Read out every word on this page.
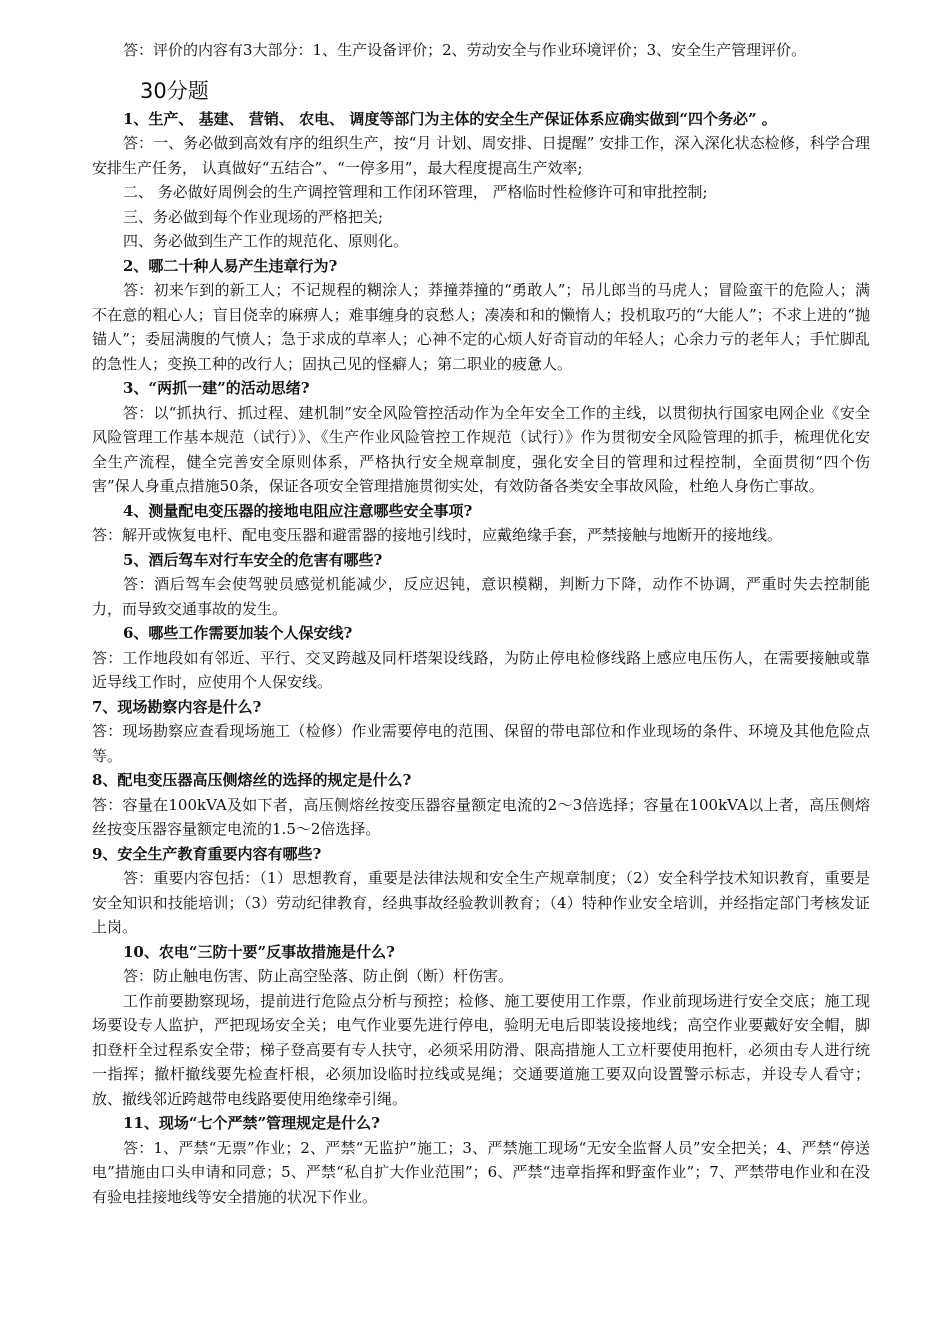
答：评价的内容有3大部分：1、生产设备评价；2、劳动安全与作业环境评价；3、安全生产管理评价。

30分题

1、生产、 基建、 营销、 农电、 调度等部门为主体的安全生产保证体系应确实做到“四个务必” 。

答：一、务必做到高效有序的组织生产，按“月 计划、周安排、日提醒” 安排工作，深入深化状态检修，科学合理安排生产任务， 认真做好“五结合”、“一停多用”，最大程度提高生产效率;

二、 务必做好周例会的生产调控管理和工作闭环管理， 严格临时性检修许可和审批控制;

三、务必做到每个作业现场的严格把关;

四、务必做到生产工作的规范化、原则化。

2、哪二十种人易产生违章行为?

答：初来乍到的新工人；不记规程的糊涂人；莽撞莽撞的“勇敢人”；吊儿郎当的马虎人；冒险蛮干的危险人；满不在意的粗心人；盲目侥幸的麻痹人；难事缠身的哀愁人；凑凑和和的懒惰人；投机取巧的“大能人”；不求上进的“抛锚人”；委屈满腹的气愤人；急于求成的草率人；心神不定的心烦人好奇盲动的年轻人；心余力亏的老年人；手忙脚乱的急性人；变换工种的改行人；固执己见的怪癖人；第二职业的疲惫人。

3、“两抓一建”的活动思绪?

答：以“抓执行、抓过程、建机制”安全风险管控活动作为全年安全工作的主线，以贯彻执行国家电网企业《安全风险管理工作基本规范（试行）》、《生产作业风险管控工作规范（试行）》作为贯彻安全风险管理的抓手，梳理优化安全生产流程，健全完善安全原则体系，严格执行安全规章制度，强化安全目的管理和过程控制，全面贯彻“四个伤害”保人身重点措施50条，保证各项安全管理措施贯彻实处，有效防备各类安全事故风险，杜绝人身伤亡事故。

4、测量配电变压器的接地电阻应注意哪些安全事项?

答：解开或恢复电杆、配电变压器和避雷器的接地引线时，应戴绝缘手套，严禁接触与地断开的接地线。

5、酒后驾车对行车安全的危害有哪些?

答：酒后驾车会使驾驶员感觉机能减少，反应迟钝，意识模糊，判断力下降，动作不协调，严重时失去控制能力，而导致交通事故的发生。

6、哪些工作需要加装个人保安线?

答：工作地段如有邻近、平行、交叉跨越及同杆塔架设线路，为防止停电检修线路上感应电压伤人，在需要接触或靠近导线工作时，应使用个人保安线。

7、现场勘察内容是什么?

答：现场勘察应查看现场施工（检修）作业需要停电的范围、保留的带电部位和作业现场的条件、环境及其他危险点等。

8、配电变压器高压侧熔丝的选择的规定是什么?

答：容量在100kVA及如下者，高压侧熔丝按变压器容量额定电流的2～3倍选择；容量在100kVA以上者，高压侧熔丝按变压器容量额定电流的1.5～2倍选择。

9、安全生产教育重要内容有哪些?

答：重要内容包括：（1）思想教育，重要是法律法规和安全生产规章制度；（2）安全科学技术知识教育，重要是安全知识和技能培训；（3）劳动纪律教育，经典事故经验教训教育；（4）特种作业安全培训，并经指定部门考核发证上岗。

10、农电“三防十要”反事故措施是什么?

答：防止触电伤害、防止高空坠落、防止倒（断）杆伤害。

工作前要勘察现场，提前进行危险点分析与预控；检修、施工要使用工作票，作业前现场进行安全交底；施工现场要设专人监护，严把现场安全关；电气作业要先进行停电，验明无电后即装设接地线；高空作业要戴好安全帽，脚扣登杆全过程系安全带；梯子登高要有专人扶守，必须采用防滑、限高措施人工立杆要使用抱杆，必须由专人进行统一指挥；撤杆撤线要先检查杆根，必须加设临时拉线或晃绳；交通要道施工要双向设置警示标志，并设专人看守；放、撤线邻近跨越带电线路要使用绝缘牵引绳。

11、现场“七个严禁”管理规定是什么?

答：1、严禁“无票”作业；2、严禁“无监护”施工；3、严禁施工现场“无安全监督人员”安全把关；4、严禁“停送电”措施由口头申请和同意；5、严禁“私自扩大作业范围”；6、严禁“违章指挥和野蛮作业”；7、严禁带电作业和在没有验电挂接地线等安全措施的状况下作业。
